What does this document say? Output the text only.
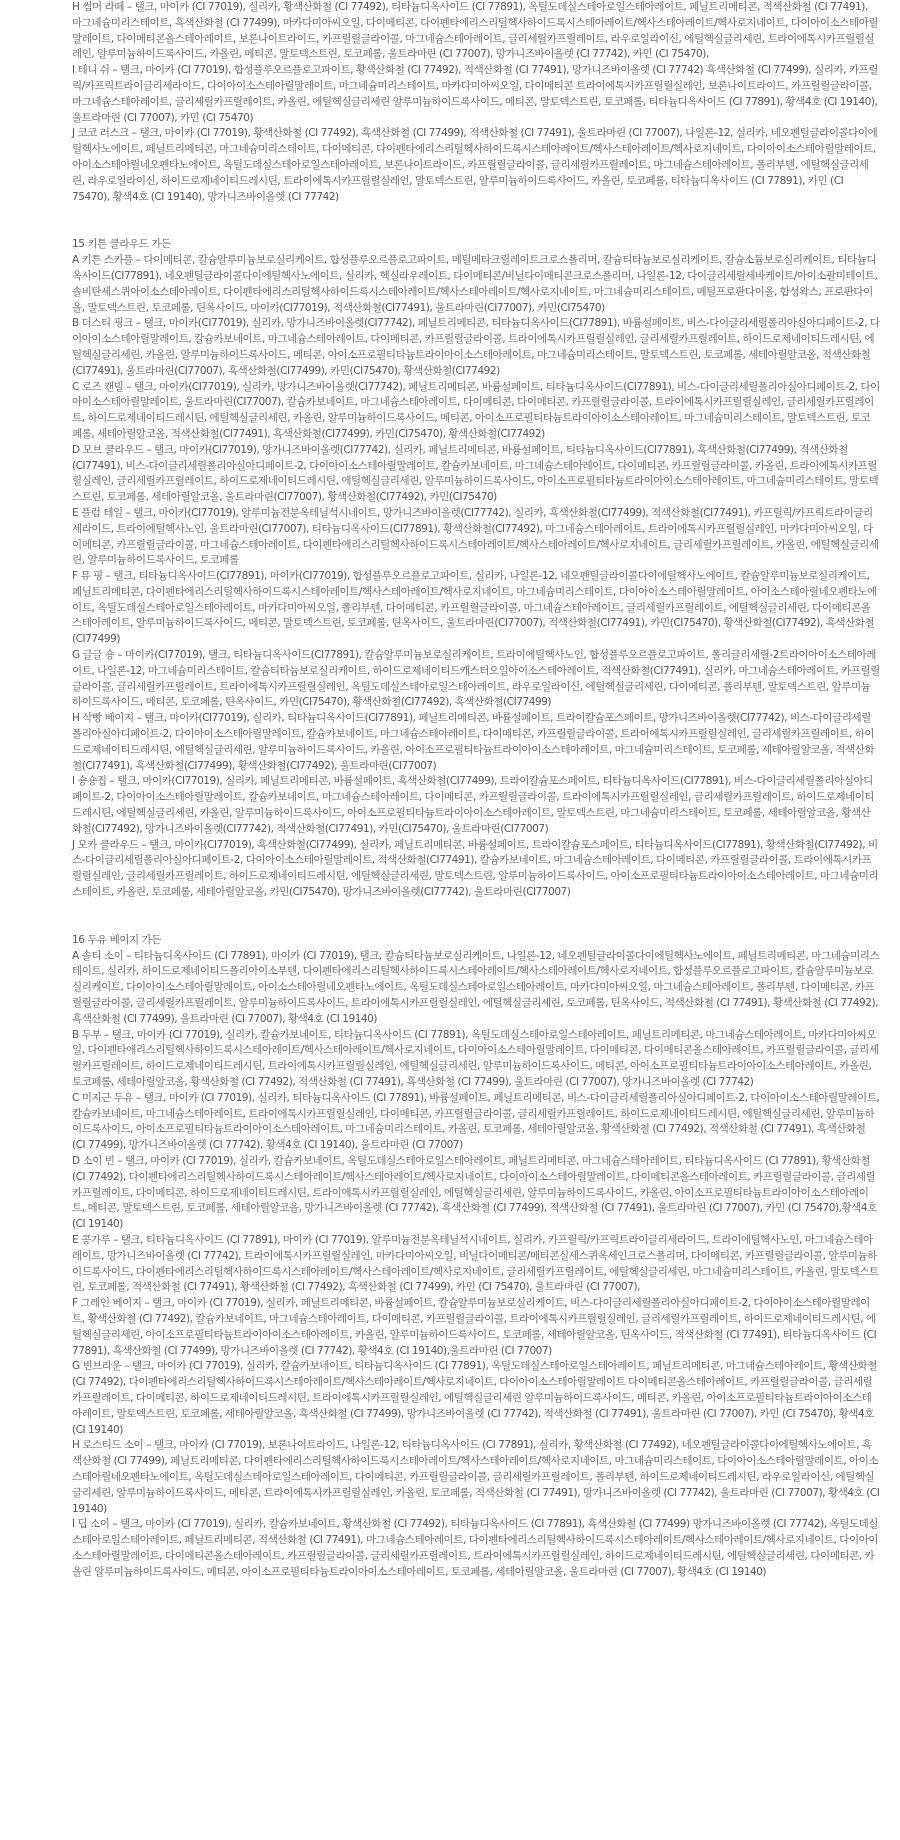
H 썸머 라떼 – 탤크, 마이카 (CI 77019), 실리카, 황색산화철 (CI 77492), 티타늄디옥사이드 (CI 77891), 옥틸도데실스테아로일스테아레이트, 페닐트리메티콘, 적색산화철 (CI 77491), 마그네슘미리스테이트, 흑색산화철 (CI 77499), 마카다미아씨오일, 다이메티콘, 다이펜타에리스리틸헥사하이드록시스테아레이트/헥사스테아레이트/헥사로지네이트, 다이아이소스테아릴말레이트, 다이메티콘올스테아레이트, 보론나이트라이드, 카프릴릴글라이콜, 마그네슘스테아레이트, 글리세릴카프릴레이트, 라우로일라이신, 에틸헥실글리세린, 트라이에톡시카프릴릴실레인, 알루미늄하이드록사이드, 카올린, 메티콘, 말토덱스트린, 토코페롤, 울트라마린 (CI 77007), 망가니즈바이올렛 (CI 77742), 카민 (CI 75470),

I 테니 쉬 – 탤크, 마이카 (CI 77019), 합성플루오르플로고파이트, 황색산화철 (CI 77492), 적색산화철 (CI 77491), 망가니즈바이올렛 (CI 77742) 흑색산화철 (CI 77499), 실리카, 카프릴릭/카프릭트라이글리세라이드, 다이아이소스테아릴말레이트, 마그네슘미리스테이트, 마카다미아씨오일, 다이메티콘 트라이에톡시카프릴릴실레인, 보론나이트라이드, 카프릴릴글라이콜, 마그네슘스테아레이트, 글리세릴카프릴레이트, 카올린, 에틸헥실글리세린 알루미늄하이드록사이드, 메티콘, 말토덱스트린, 토코페롤, 티타늄디옥사이드 (CI 77891), 황색4호 (CI 19140), 울트라마린 (CI 77007), 카민 (CI 75470)

J 코코 러스크 – 탤크, 마이카 (CI 77019), 황색산화철 (CI 77492), 흑색산화철 (CI 77499), 적색산화철 (CI 77491), 울트라마린 (CI 77007), 나일론-12, 실리카, 네오펜틸글라이콜다이에틸헥사노에이트, 페닐트리메티콘, 마그네슘미리스테이트, 다이메티콘, 다이펜타에리스리틸헥사하이드록시스테아레이트/헥사스테아레이트/헥사로지네이트, 다이아이소스테아릴말레이트, 아이소스테아릴네오펜타노에이트, 옥틸도데실스테아로일스테아레이트, 보론나이트라이드, 카프릴릴글라이콜, 글리세릴카프릴레이트, 마그네슘스테아레이트, 폴리부텐, 에틸헥실글리세린, 라우로일라이신, 하이드로제네이티드레시틴, 트라이에톡시카프릴릴실레인, 말토덱스트린, 알루미늄하이드록사이드, 카올린, 토코페롤, 티타늄디옥사이드 (CI 77891), 카민 (CI 75470), 황색4호 (CI 19140), 망가니즈바이올렛 (CI 77742)

15 키튼 클라우드 가든

A 키튼 스카플 – 다이메티콘, 칼슘알루미늄보로실리케이트, 합성플루오르플로고파이트, 메틸메타크릴레이트크로스폴리머, 칼슘티타늄보로실리케이트, 칼슘소듐보로실리케이트, 티타늄디옥사이드(CI77891), 네오펜틸글라이콜다이에틸헥사노에이트, 실리카, 헥실라우레이트, 다이메티콘/비닐다이메티콘크로스폴리머, 나일론-12, 다이글리세릴세바케이트/아이소팔미테이트, 솔비탄세스퀴아이소스테아레이트, 다이펜타에리스리틸헥사하이드록시스테아레이트/헥사스테아레이트/헥사로지네이트, 마그네슘미리스테이트, 메틸프로판다이올, 합성왁스, 프로판다이올, 말토덱스트린, 토코페롤, 틴옥사이드, 마이카(CI77019), 적색산화철(CI77491), 울트라마린(CI77007), 카민(CI75470)

B 더스티 핑크 – 탤크, 마이카(CI77019), 실리카, 망가니즈바이올렛(CI77742), 페닐트리메티콘, 티타늄디옥사이드(CI77891), 바륨설페이트, 비스-다이글리세릴폴리아실아디페이트-2, 다이아이소스테아릴말레이트, 칼슘카보네이트, 마그네슘스테아레이트, 다이메티콘, 카프릴릴글라이콜, 트라이에톡시카프릴릴실레인, 글리세릴카프릴레이트, 하이드로제네이티드레시틴, 에틸헥실글리세린, 카올린, 알루미늄하이드록사이드, 메티콘, 아이소프로필티타늄트라이아이소스테아레이트, 마그네슘미리스테이트, 말토덱스트린, 토코페롤, 세테아릴알코올, 적색산화철(CI77491), 울트라마린(CI77007), 흑색산화철(CI77499), 카민(CI75470), 황색산화철(CI77492)

C 로즈 캔빌 – 탤크, 마이카(CI77019), 실리카, 망가니즈바이올렛(CI77742), 페닐트리메티콘, 바륨설페이트, 티타늄디옥사이드(CI77891), 비스-다이글리세릴폴리아실아디페이트-2, 다이아이소스테아릴말레이트, 울트라마린(CI77007), 칼슘카보네이트, 마그네슘스테아레이트, 다이메티콘, 다이메티콘, 카프릴릴글라이콜, 트라이에톡시카프릴릴실레인, 글리세릴카프릴레이트, 하이드로제네이티드레시틴, 에틸헥실글리세린, 카올린, 알루미늄하이드록사이드, 메티콘, 아이소프로필티타늄트라이아이소스테아레이트, 마그네슘미리스테이트, 말토덱스트린, 토코페롤, 세테아릴알코올, 적색산화철(CI77491), 흑색산화철(CI77499), 카민(CI75470), 황색산화철(CI77492)

D 모브 클라우드 – 탤크, 마이카(CI77019), 망가니즈바이올렛(CI77742), 실리카, 페닐트리메티콘, 바륨설페이트, 티타늄디옥사이드(CI77891), 흑색산화철(CI77499), 적색산화철(CI77491), 비스-다이글리세릴폴리아실아디페이트-2, 다이아이소스테아릴말레이트, 칼슘카보네이트, 마그네슘스테아레이트, 다이메티콘, 카프릴릴글라이콜, 카올린, 트라이에톡시카프릴릴실레인, 글리세릴카프릴레이트, 하이드로제네이티드레시틴, 에틸헥실글리세린, 알루미늄하이드록사이드, 아이소프로필티타늄트라이아이소스테아레이트, 마그네슘미리스테이트, 말토덱스트린, 토코페롤, 세테아릴알코올, 울트라마린(CI77007), 황색산화철(CI77492), 카민(CI75470)

E 플럼 테일 – 탤크, 마이카(CI77019), 알루미늄전분옥테닐석시네이트, 망가니즈바이올렛(CI77742), 실리카, 흑색산화철(CI77499), 적색산화철(CI77491), 카프릴릭/카프릭트라이글리세라이드, 트라이에틸헥사노인, 울트라마린(CI77007), 티타늄디옥사이드(CI77891), 황색산화철(CI77492), 마그네슘스테아레이트, 트라이에톡시카프릴릴실레인, 마카다미아씨오일, 다이메티콘, 카프릴릴글라이콜, 마그네슘스테아레이트, 다이펜타에리스리틸헥사하이드록시스테아레이트/헥사스테아레이트/헥사로지네이트, 글리세릴카프릴레이트, 카올린, 에틸헥실글리세린, 알루미늄하이드록사이드, 토코페롤

F 뮤 핑 – 탤크, 티타늄디옥사이드(CI77891), 마이카(CI77019), 합성플루오르플로고파이트, 실리카, 나일론-12, 네오펜틸글라이콜다이에틸헥사노에이트, 칼슘알루미늄보로실리케이트, 페닐트리메티콘, 다이펜타에리스리틸헥사하이드록시스테아레이트/헥사스테아레이트/헥사로지네이트, 마그네슘미리스테이트, 다이아이소스테아릴말레이트, 아이소스테아릴네오펜타노에이트, 옥틸도데실스테아로일스테아레이트, 마카다미아씨오일, 폴리부텐, 다이메티콘, 카프릴릴글라이콜, 마그네슘스테아레이트, 글리세릴카프릴레이트, 에틸헥실글리세린, 다이메티콘올스테아레이트, 알루미늄하이드록사이드, 메티콘, 말토덱스트린, 토코페롤, 틴옥사이드, 울트라마린(CI77007), 적색산화철(CI77491), 카민(CI75470), 황색산화철(CI77492), 흑색산화철(CI77499)

G 글글 숑 – 마이카(CI77019), 탤크, 티타늄디옥사이드(CI77891), 칼슘알루미늄보로실리케이트, 트라이에틸헥사노인, 합성플루오르플로고파이트, 폴리글리세릴-2트라이아이소스테아레이트, 나일론-12, 마그네슘미리스테이트, 칼슘티타늄보로실리케이트, 하이드로제네이티드캐스터오일아이소스테아레이트, 적색산화철(CI77491), 실리카, 마그네슘스테아레이트, 카프릴릴글라이콜, 글리세릴카프릴레이트, 트라이에톡시카프릴릴실레인, 옥틸도데실스테아로일스테아레이트, 라우로일라이신, 에틸헥실글리세린, 다이메티콘, 폴리부텐, 말토덱스트린, 알루미늄하이드록사이드, 메티콘, 토코페롤, 틴옥사이드, 카민(CI75470), 황색산화철(CI77492), 흑색산화철(CI77499)

H 삭빵 베이지 – 탤크, 마이카(CI77019), 실리카, 티타늄디옥사이드(CI77891), 페닐트리메티콘, 바륨설페이트, 트라이칼슘포스페이트, 망가니즈바이올렛(CI77742), 비스-다이글리세릴폴리아실아디페이트-2, 다이아이소스테아릴말레이트, 칼슘카보네이트, 마그네슘스테아레이트, 다이메티콘, 카프릴릴글라이콜, 트라이에톡시카프릴릴실레인, 글리세릴카프릴레이트, 하이드로제네이티드레시틴, 에틸헥실글리세린, 알루미늄하이드록사이드, 카올린, 아이소프로필티타늄트라이아이소스테아레이트, 마그네슘미리스테이트, 토코페롤, 세테아릴알코올, 적색산화철(CI77491), 흑색산화철(CI77499), 황색산화철(CI77492), 울트라마린(CI77007)

I 숑숑집 – 탤크, 마이카(CI77019), 실리카, 페닐트리메티콘, 바륨설페이트, 흑색산화철(CI77499), 트라이칼슘포스페이트, 티타늄디옥사이드(CI77891), 비스-다이글리세릴폴리아실아디페이트-2, 다이아이소스테아릴말레이트, 칼슘카보네이트, 마그네슘스테아레이트, 다이메티콘, 카프릴릴글라이콜, 트라이에톡시카프릴릴실레인, 글리세릴카프릴레이트, 하이드로제네이티드레시틴, 에틸헥실글리세린, 카올린, 알루미늄하이드록사이드, 아이소프로필티타늄트라이아이소스테아레이트, 말토덱스트린, 마그네슘미리스테이트, 토코페롤, 세테아릴알코올, 황색산화철(CI77492), 망가니즈바이올렛(CI77742), 적색산화철(CI77491), 카민(CI75470), 울트라마린(CI77007)

J 모카 클라우드 – 탤크, 마이카(CI77019), 흑색산화철(CI77499), 실리카, 페닐트리메티콘, 바륨설페이트, 트라이칼슘포스페이트, 티타늄디옥사이드(CI77891), 황색산화철(CI77492), 비스-다이글리세릴폴리아실아디페이트-2, 다이아이소스테아릴말레이트, 적색산화철(CI77491), 칼슘카보네이트, 마그네슘스테아레이트, 다이메티콘, 카프릴릴글라이콜, 트라이에톡시카프릴릴실레인, 글리세릴카프릴레이트, 하이드로제네이티드레시틴, 에틸헥실글리세린, 말토덱스트린, 알루미늄하이드록사이드, 아이소프로필티타늄트라이아이소스테아레이트, 마그네슘미리스테이트, 카올린, 토코페롤, 세테아릴알코올, 카민(CI75470), 망가니즈바이올렛(CI77742), 울트라마린(CI77007)

16 두유 베이지 가든

A 솔티 소이 – 티타늄디옥사이드 (CI 77891), 마이카 (CI 77019), 탤크, 칼슘티타늄보로실리케이트, 나일론-12, 네오펜틸글라이콜다이에틸헥사노에이트, 페닐트리메티콘, 마그네슘미리스테이트, 실리카, 하이드로제네이티드폴리아이소부텐, 다이펜타에리스리틸헥사하이드록시스테아레이트/헥사스테아레이트/헥사로지네이트, 합성플루오르플로고파이트, 칼슘알루미늄보로실리케이트, 다이아이소스테아릴말레이트, 아이소스테아릴네오펜타노에이트, 옥틸도데실스테아로일스테아레이트, 마카다미아씨오일, 마그네슘스테아레이트, 폴리부텐, 다이메티콘, 카프릴릴글라이콜, 글리세릴카프릴레이트, 알루미늄하이드록사이드, 트라이에톡시카프릴릴실레인, 에틸헥실글리세린, 토코페롤, 틴옥사이드, 적색산화철 (CI 77491), 황색산화철 (CI 77492), 흑색산화철 (CI 77499), 울트라마린 (CI 77007), 황색4호 (CI 19140)

B 두부 – 탤크, 마이카 (CI 77019), 실리카, 칼슘카보네이트, 티타늄디옥사이드 (CI 77891), 옥틸도데실스테아로일스테아레이트, 페닐트리메티콘, 마그네슘스테아레이트, 마카다미아씨오일, 다이펜타에리스리틸헥사하이드록시스테아레이트/헥사스테아레이트/헥사로지네이트, 다이아이소스테아릴말레이트, 다이메티콘, 다이메티콘올스테아레이트, 카프릴릴글라이콜, 글리세릴카프릴레이트, 하이드로제네이티드레시틴, 트라이에톡시카프릴릴실레인, 에틸헥실글리세린, 알루미늄하이드록사이드, 메티콘, 아이소프로필티타늄트라이아이소스테아레이트, 카올린, 토코페롤, 세테아릴알코올, 황색산화철 (CI 77492), 적색산화철 (CI 77491), 흑색산화철 (CI 77499), 울트라마린 (CI 77007), 망가니즈바이올렛 (CI 77742)

C 미지근 두유 – 탤크, 마이카 (CI 77019), 실리카, 티타늄디옥사이드 (CI 77891), 바륨설페이트, 페닐트리메티콘, 비스-다이글리세릴폴리아실아디페이트-2, 다이아이소스테아릴말레이트, 칼슘카보네이트, 마그네슘스테아레이트, 트라이에톡시카프릴릴실레인, 다이메티콘, 카프릴릴글라이콜, 글리세릴카프릴레이트, 하이드로제네이티드레시틴, 에틸헥실글리세린, 알루미늄하이드록사이드, 아이소프로필티타늄트라이아이소스테아레이트, 마그네슘미리스테이트, 카올린, 토코페롤, 세테아릴알코올, 황색산화철 (CI 77492), 적색산화철 (CI 77491), 흑색산화철 (CI 77499), 망가니즈바이올렛 (CI 77742), 황색4호 (CI 19140), 울트라마린 (CI 77007)

D 소이 빈 – 탤크, 마이카 (CI 77019), 실리카, 칼슘카보네이트, 옥틸도데실스테아로일스테아레이트, 페닐트리메티콘, 마그네슘스테아레이트, 티타늄디옥사이드 (CI 77891), 황색산화철 (CI 77492), 다이펜타에리스리틸헥사하이드록시스테아레이트/헥사스테아레이트/헥사로지네이트, 다이아이소스테아릴말레이트, 다이메티콘올스테아레이트, 카프릴릴글라이콜, 글리세릴카프릴레이트, 다이메티콘, 하이드로제네이티드레시틴, 트라이에톡시카프릴릴실레인, 에틸헥실글리세린, 알루미늄하이드록사이드, 카올린, 아이소프로필티타늄트라이아이소스테아레이트, 메티콘, 말토덱스트린, 토코페롤, 세테아릴알코올, 망가니즈바이올렛 (CI 77742), 흑색산화철 (CI 77499), 적색산화철 (CI 77491), 울트라마린 (CI 77007), 카민 (CI 75470),황색4호 (CI 19140)

E 콩가루 – 탤크, 티타늄디옥사이드 (CI 77891), 마이카 (CI 77019), 알루미늄전분옥테닐석시네이트, 실리카, 카프릴릭/카프릭트라이글리세라이드, 트라이에틸헥사노인, 마그네슘스테아레이트, 망가니즈바이올렛 (CI 77742), 트라이에톡시카프릴릴실레인, 마카다미아씨오일, 비닐다이메티콘/메티콘실세스퀴옥세인크로스폴리머, 다이메티콘, 카프릴릴글라이콜, 알루미늄하이드록사이드, 다이펜타에리스리틸헥사하이드록시스테아레이트/헥사스테아레이트/헥사로지네이트, 글리세릴카프릴레이트, 에틸헥실글리세린, 마그네슘미리스테이트, 카올린, 말토덱스트린, 토코페롤, 적색산화철 (CI 77491), 황색산화철 (CI 77492), 흑색산화철 (CI 77499), 카민 (CI 75470), 울트라마린 (CI 77007),

F 그레인 베이지 – 탤크, 마이카 (CI 77019), 실리카, 페닐트리메티콘, 바륨설페이트, 칼슘알루미늄보로실리케이트, 비스-다이글리세릴폴리아실아디페이트-2, 다이아이소스테아릴말레이트, 황색산화철 (CI 77492), 칼슘카보네이트, 마그네슘스테아레이트, 다이메티콘, 카프릴릴글라이콜, 트라이에톡시카프릴릴실레인, 글리세릴카프릴레이트, 하이드로제네이티드레시틴, 에틸헥실글리세린, 아이소프로필티타늄트라이아이소스테아레이트, 카올린, 알루미늄하이드록사이드, 토코페롤, 세테아릴알코올, 틴옥사이드, 적색산화철 (CI 77491), 티타늄디옥사이드 (CI 77891), 흑색산화철 (CI 77499), 망가니즈바이올렛 (CI 77742), 황색4호 (CI 19140),울트라마린 (CI 77007)

G 빈브라운 – 탤크, 마이카 (CI 77019), 실리카, 칼슘카보네이트, 티타늄디옥사이드 (CI 77891), 옥틸도데실스테아로일스테아레이트, 페닐트리메티콘, 마그네슘스테아레이트, 황색산화철 (CI 77492), 다이펜타에리스리틸헥사하이드록시스테아레이트/헥사스테아레이트/헥사로지네이트, 다이아이소스테아릴말레이트 다이메티콘올스테아레이트, 카프릴릴글라이콜, 글리세릴카프릴레이트, 다이메티콘, 하이드로제네이티드레시틴, 트라이에톡시카프릴릴실레인, 에틸헥실글리세린 알루미늄하이드록사이드, 메티콘, 카올린, 아이소프로필티타늄트라이아이소스테아레이트, 말토덱스트린, 토코페롤, 세테아릴알코올, 흑색산화철 (CI 77499), 망가니즈바이올렛 (CI 77742), 적색산화철 (CI 77491), 울트라마린 (CI 77007), 카민 (CI 75470), 황색4호 (CI 19140)

H 로스티드 소이 – 탤크, 마이카 (CI 77019), 보론나이트라이드, 나일론-12, 티타늄디옥사이드 (CI 77891), 실리카, 황색산화철 (CI 77492), 네오펜틸글라이콜다이에틸헥사노에이트, 흑색산화철 (CI 77499), 페닐트리메티콘, 다이펜타에리스리틸헥사하이드록시스테아레이트/헥사스테아레이트/헥사로지네이트, 마그네슘미리스테이트, 다이아이소스테아릴말레이트, 아이소스테아릴네오펜타노에이트, 옥틸도데실스테아로일스테아레이트, 다이메티콘, 카프릴릴글라이콜, 글리세릴카프릴레이트, 폴리부텐, 하이드로제네이티드레시틴, 라우로일라이신, 에틸헥실글리세린, 알루미늄하이드록사이드, 메티콘, 트라이에톡시카프릴릴실레인, 카올린, 토코페롤, 적색산화철 (CI 77491), 망가니즈바이올렛 (CI 77742), 울트라마린 (CI 77007), 황색4호 (CI 19140)

I 딥 소이 – 탤크, 마이카 (CI 77019), 실리카, 칼슘카보네이트, 황색산화철 (CI 77492), 티타늄디옥사이드 (CI 77891), 흑색산화철 (CI 77499) 망가니즈바이올렛 (CI 77742), 옥틸도데실스테아로일스테아레이트, 페닐트리메티콘, 적색산화철 (CI 77491), 마그네슘스테아레이트, 다이펜타에리스리틸헥사하이드록시스테아레이트/헥사스테아레이트/헥사로지네이트, 다이아이소스테아릴말레이트, 다이메티콘올스테아레이트, 카프릴릴글라이콜, 글리세릴카프릴레이트, 트라이에톡시카프릴릴실레인, 하이드로제네이티드레시틴, 에틸헥실글리세린, 다이메티콘, 카올린 알루미늄하이드록사이드, 메티콘, 아이소프로필티타늄트라이아이소스테아레이트, 토코페롤, 세테아릴알코올, 울트라마린 (CI 77007), 황색4호 (CI 19140)
